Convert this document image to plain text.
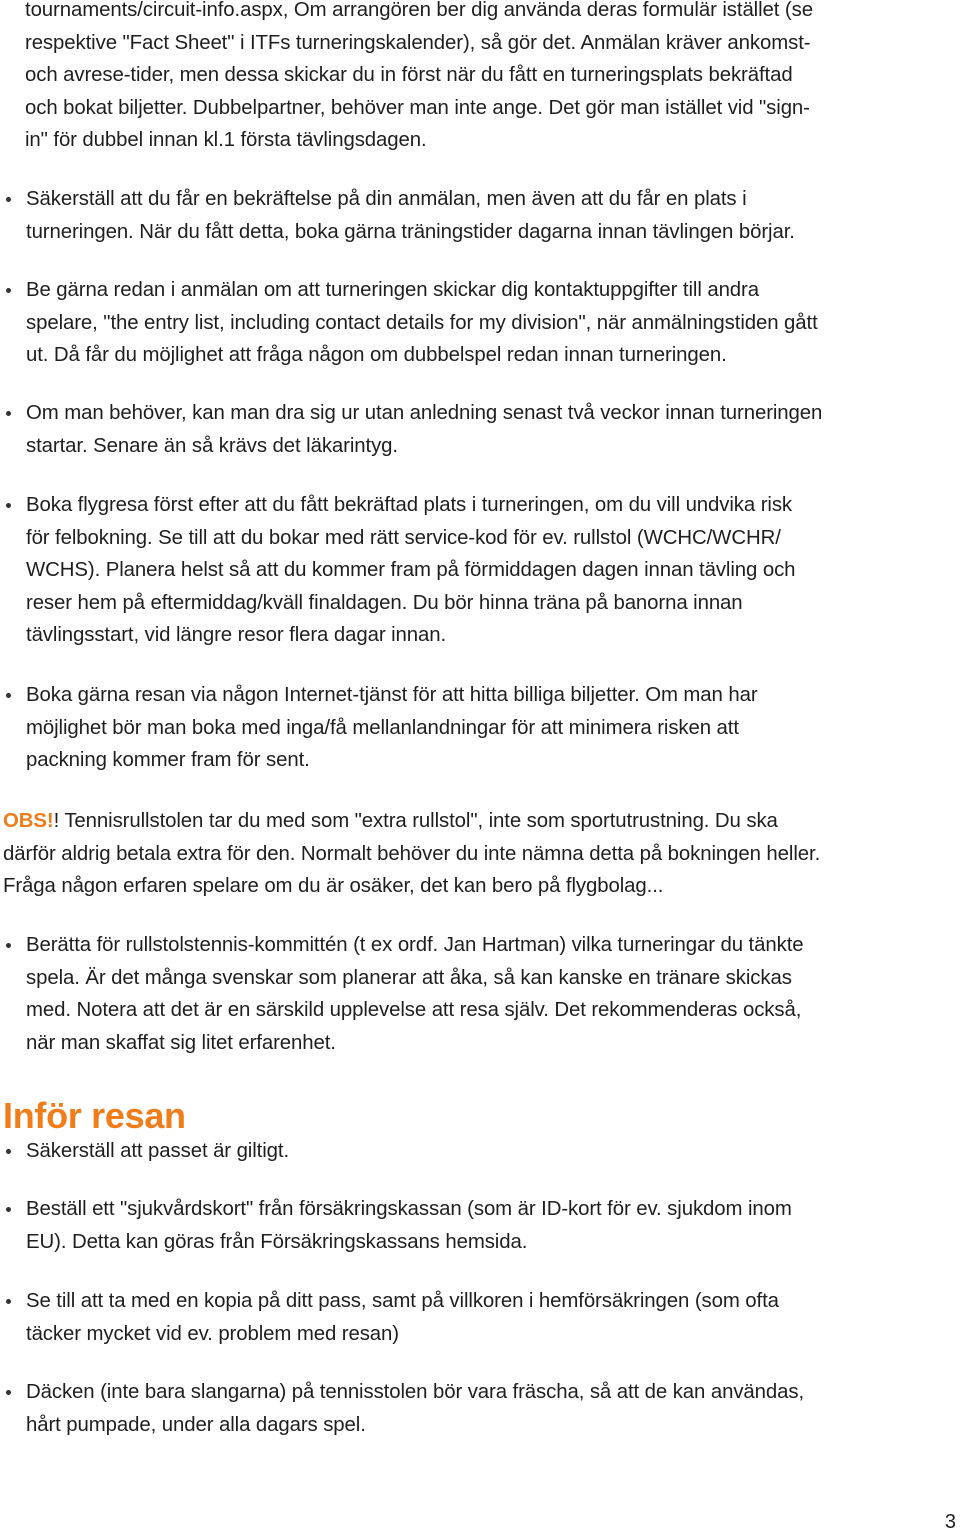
tournaments/circuit-info.aspx, Om arrangören ber dig använda deras formulär istället (se
respektive "Fact Sheet" i ITFs turneringskalender), så gör det. Anmälan kräver ankomst-
och avrese-tider, men dessa skickar du in först när du fått en turneringsplats bekräftad
och bokat biljetter. Dubbelpartner, behöver man inte ange. Det gör man istället vid "sign-
in" för dubbel innan kl.1 första tävlingsdagen.

Säkerställ att du får en bekräftelse på din anmälan, men även att du får en plats i
turneringen. När du fått detta, boka gärna träningstider dagarna innan tävlingen börjar.

Be gärna redan i anmälan om att turneringen skickar dig kontaktuppgifter till andra
spelare, "the entry list, including contact details for my division", när anmälningstiden gått
ut. Då får du möjlighet att fråga någon om dubbelspel redan innan turneringen.

Om man behöver, kan man dra sig ur utan anledning senast två veckor innan turneringen
startar. Senare än så krävs det läkarintyg.

Boka flygresa först efter att du fått bekräftad plats i turneringen, om du vill undvika risk
för felbokning. Se till att du bokar med rätt service-kod för ev. rullstol (WCHC/WCHR/
WCHS). Planera helst så att du kommer fram på förmiddagen dagen innan tävling och
reser hem på eftermiddag/kväll finaldagen. Du bör hinna träna på banorna innan
tävlingsstart, vid längre resor flera dagar innan.

Boka gärna resan via någon Internet-tjänst för att hitta billiga biljetter. Om man har
möjlighet bör man boka med inga/få mellanlandningar för att minimera risken att
packning kommer fram för sent.

OBS!! Tennisrullstolen tar du med som "extra rullstol", inte som sportutrustning. Du ska
därför aldrig betala extra för den. Normalt behöver du inte nämna detta på bokningen heller.
Fråga någon erfaren spelare om du är osäker, det kan bero på flygbolag...

Berätta för rullstolstennis-kommittén (t ex ordf. Jan Hartman) vilka turneringar du tänkte
spela. Är det många svenskar som planerar att åka, så kan kanske en tränare skickas
med. Notera att det är en särskild upplevelse att resa själv. Det rekommenderas också,
när man skaffat sig litet erfarenhet.

Inför resan

Säkerställ att passet är giltigt.

Beställ ett "sjukvårdskort" från försäkringskassan (som är ID-kort för ev. sjukdom inom
EU). Detta kan göras från Försäkringskassans hemsida.

Se till att ta med en kopia på ditt pass, samt på villkoren i hemförsäkringen (som ofta
täcker mycket vid ev. problem med resan)

Däcken (inte bara slangarna) på tennisstolen bör vara fräscha, så att de kan användas,
hårt pumpade, under alla dagars spel.

3
